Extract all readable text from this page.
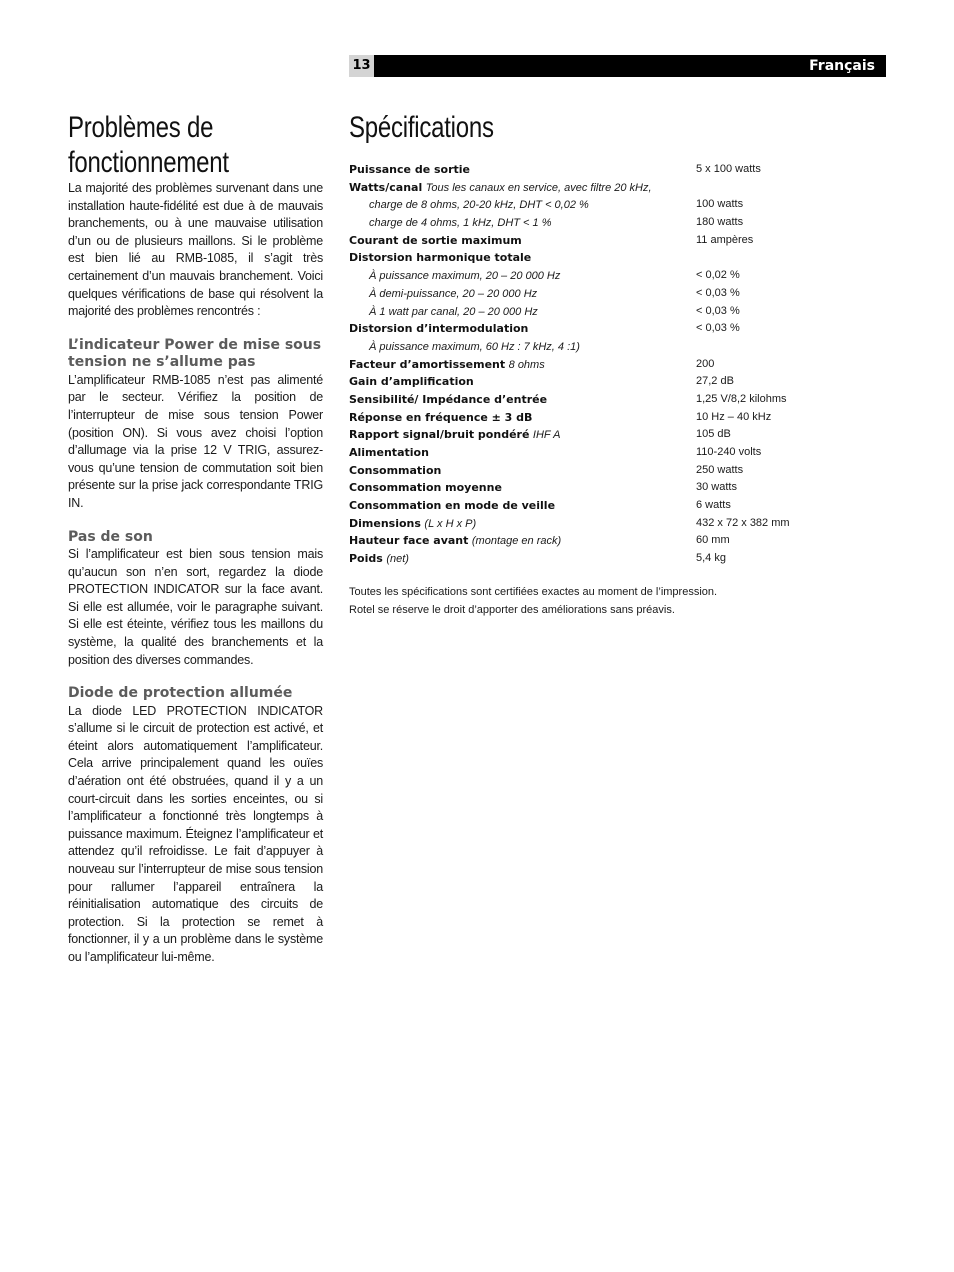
13	Français
Problèmes de
fonctionnement

La majorité des problèmes survenant dans une installation haute-fidélité est due à de mauvais branchements, ou à une mauvaise utilisation d’un ou de plusieurs maillons. Si le problème est bien lié au RMB-1085, il s’agit très certainement d’un mauvais branchement. Voici quelques vérifications de base qui résolvent la majorité des problèmes rencontrés :

L’indicateur Power de mise sous tension ne s’allume pas

L’amplificateur RMB-1085 n’est pas alimenté par le secteur. Vérifiez la position de l’interrupteur de mise sous tension Power (position ON). Si vous avez choisi l’option d’allumage via la prise 12 V TRIG, assurez-vous qu’une tension de commutation soit bien présente sur la prise jack correspondante TRIG IN.

Pas de son

Si l’amplificateur est bien sous tension mais qu’aucun son n’en sort, regardez la diode PROTECTION INDICATOR sur la face avant. Si elle est allumée, voir le paragraphe suivant. Si elle est éteinte, vérifiez tous les maillons du système, la qualité des branchements et la position des diverses commandes.

Diode de protection allumée

La diode LED PROTECTION INDICATOR s’allume si le circuit de protection est activé, et éteint alors automatiquement l’amplificateur. Cela arrive principalement quand les ouïes d’aération ont été obstruées, quand il y a un court-circuit dans les sorties enceintes, ou si l’amplificateur a fonctionné très longtemps à puissance maximum. Éteignez l’amplificateur et attendez qu’il refroidisse. Le fait d’appuyer à nouveau sur l’interrupteur de mise sous tension pour rallumer l’appareil entraînera la réinitialisation automatique des circuits de protection. Si la protection se remet à fonctionner, il y a un problème dans le système ou l’amplificateur lui-même.

Spécifications
Puissance de sortie	5 x 100 watts
Watts/canal Tous les canaux en service, avec filtre 20 kHz,
charge de 8 ohms, 20-20 kHz, DHT < 0,02 %	100 watts
charge de 4 ohms, 1 kHz, DHT < 1 %	180 watts
Courant de sortie maximum	11 ampères
Distorsion harmonique totale
À puissance maximum, 20 – 20 000 Hz	< 0,02 %
À demi-puissance, 20 – 20 000 Hz	< 0,03 %
À 1 watt par canal, 20 – 20 000 Hz	< 0,03 %
Distorsion d’intermodulation	< 0,03 %
À puissance maximum, 60 Hz : 7 kHz, 4 :1)
Facteur d’amortissement 8 ohms	200
Gain d’amplification	27,2 dB
Sensibilité/ Impédance d’entrée	1,25 V/8,2 kilohms
Réponse en fréquence ± 3 dB	10 Hz – 40 kHz
Rapport signal/bruit pondéré IHF A	105 dB
Alimentation	110-240 volts
Consommation	250 watts
Consommation moyenne	30 watts
Consommation en mode de veille	6 watts
Dimensions (L x H x P)	432 x 72 x 382 mm
Hauteur face avant (montage en rack)	60 mm
Poids (net)	5,4 kg
Toutes les spécifications sont certifiées exactes au moment de l’impression.
Rotel se réserve le droit d’apporter des améliorations sans préavis.
